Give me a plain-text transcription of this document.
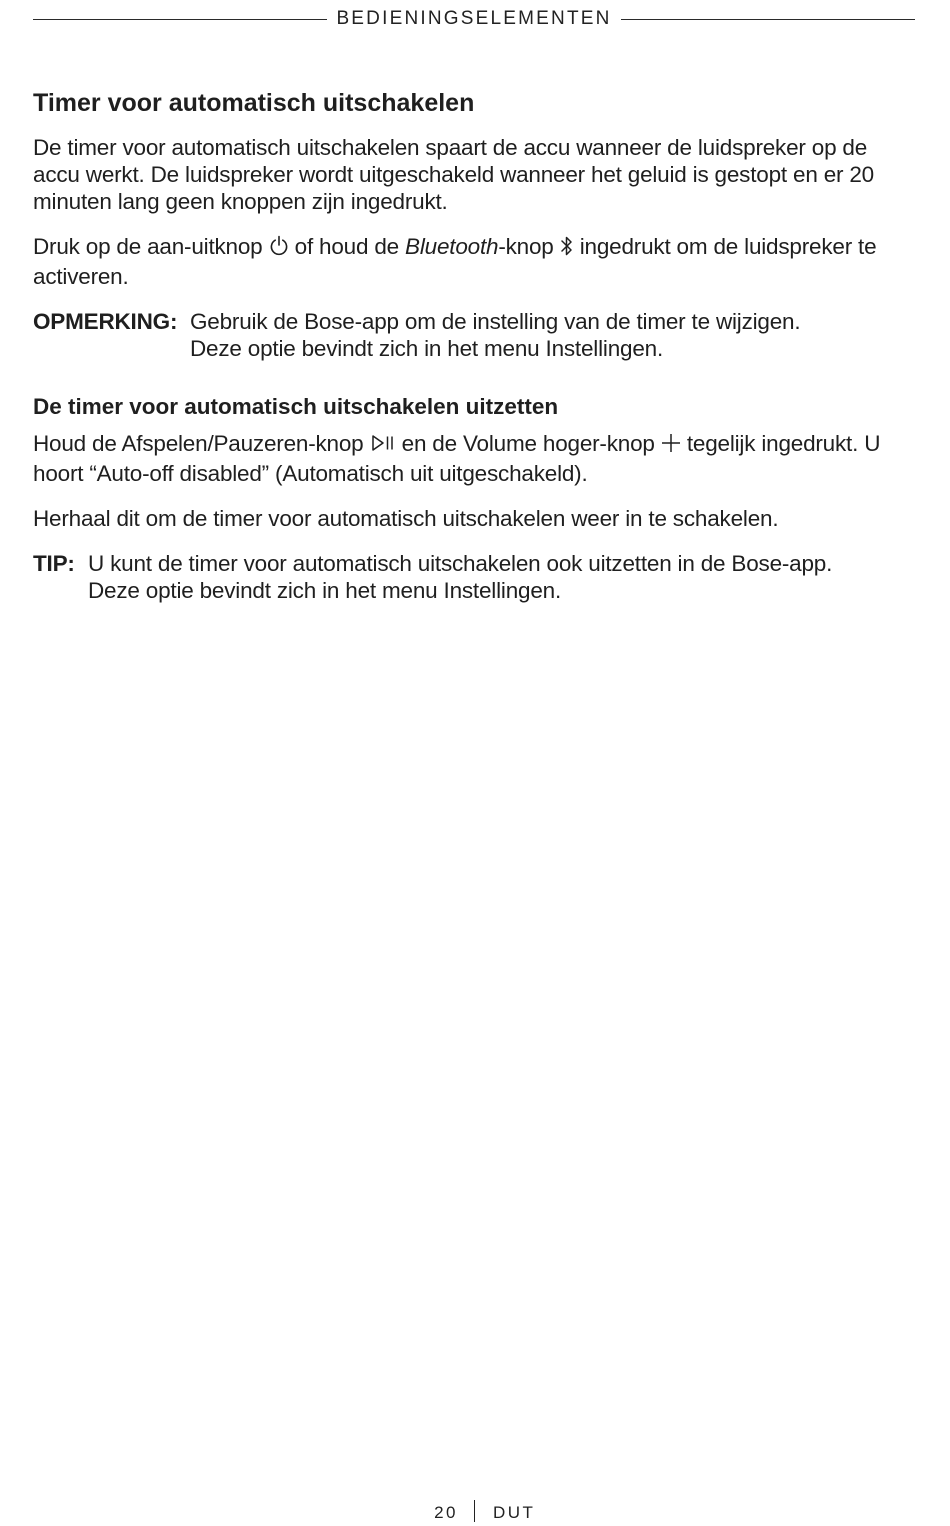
BEDIENINGSELEMENTEN
Timer voor automatisch uitschakelen

De timer voor automatisch uitschakelen spaart de accu wanneer de luidspreker op de accu werkt. De luidspreker wordt uitgeschakeld wanneer het geluid is gestopt en er 20 minuten lang geen knoppen zijn ingedrukt.

Druk op de aan-uitknop of houd de Bluetooth-knop ingedrukt om de luidspreker te activeren.

OPMERKING: Gebruik de Bose-app om de instelling van de timer te wijzigen.
Deze optie bevindt zich in het menu Instellingen.
De timer voor automatisch uitschakelen uitzetten

Houd de Afspelen/Pauzeren-knop en de Volume hoger-knop tegelijk ingedrukt. U hoort “Auto-off disabled” (Automatisch uit uitgeschakeld).

Herhaal dit om de timer voor automatisch uitschakelen weer in te schakelen.

TIP: U kunt de timer voor automatisch uitschakelen ook uitzetten in de Bose-app.
Deze optie bevindt zich in het menu Instellingen.
20 DUT
